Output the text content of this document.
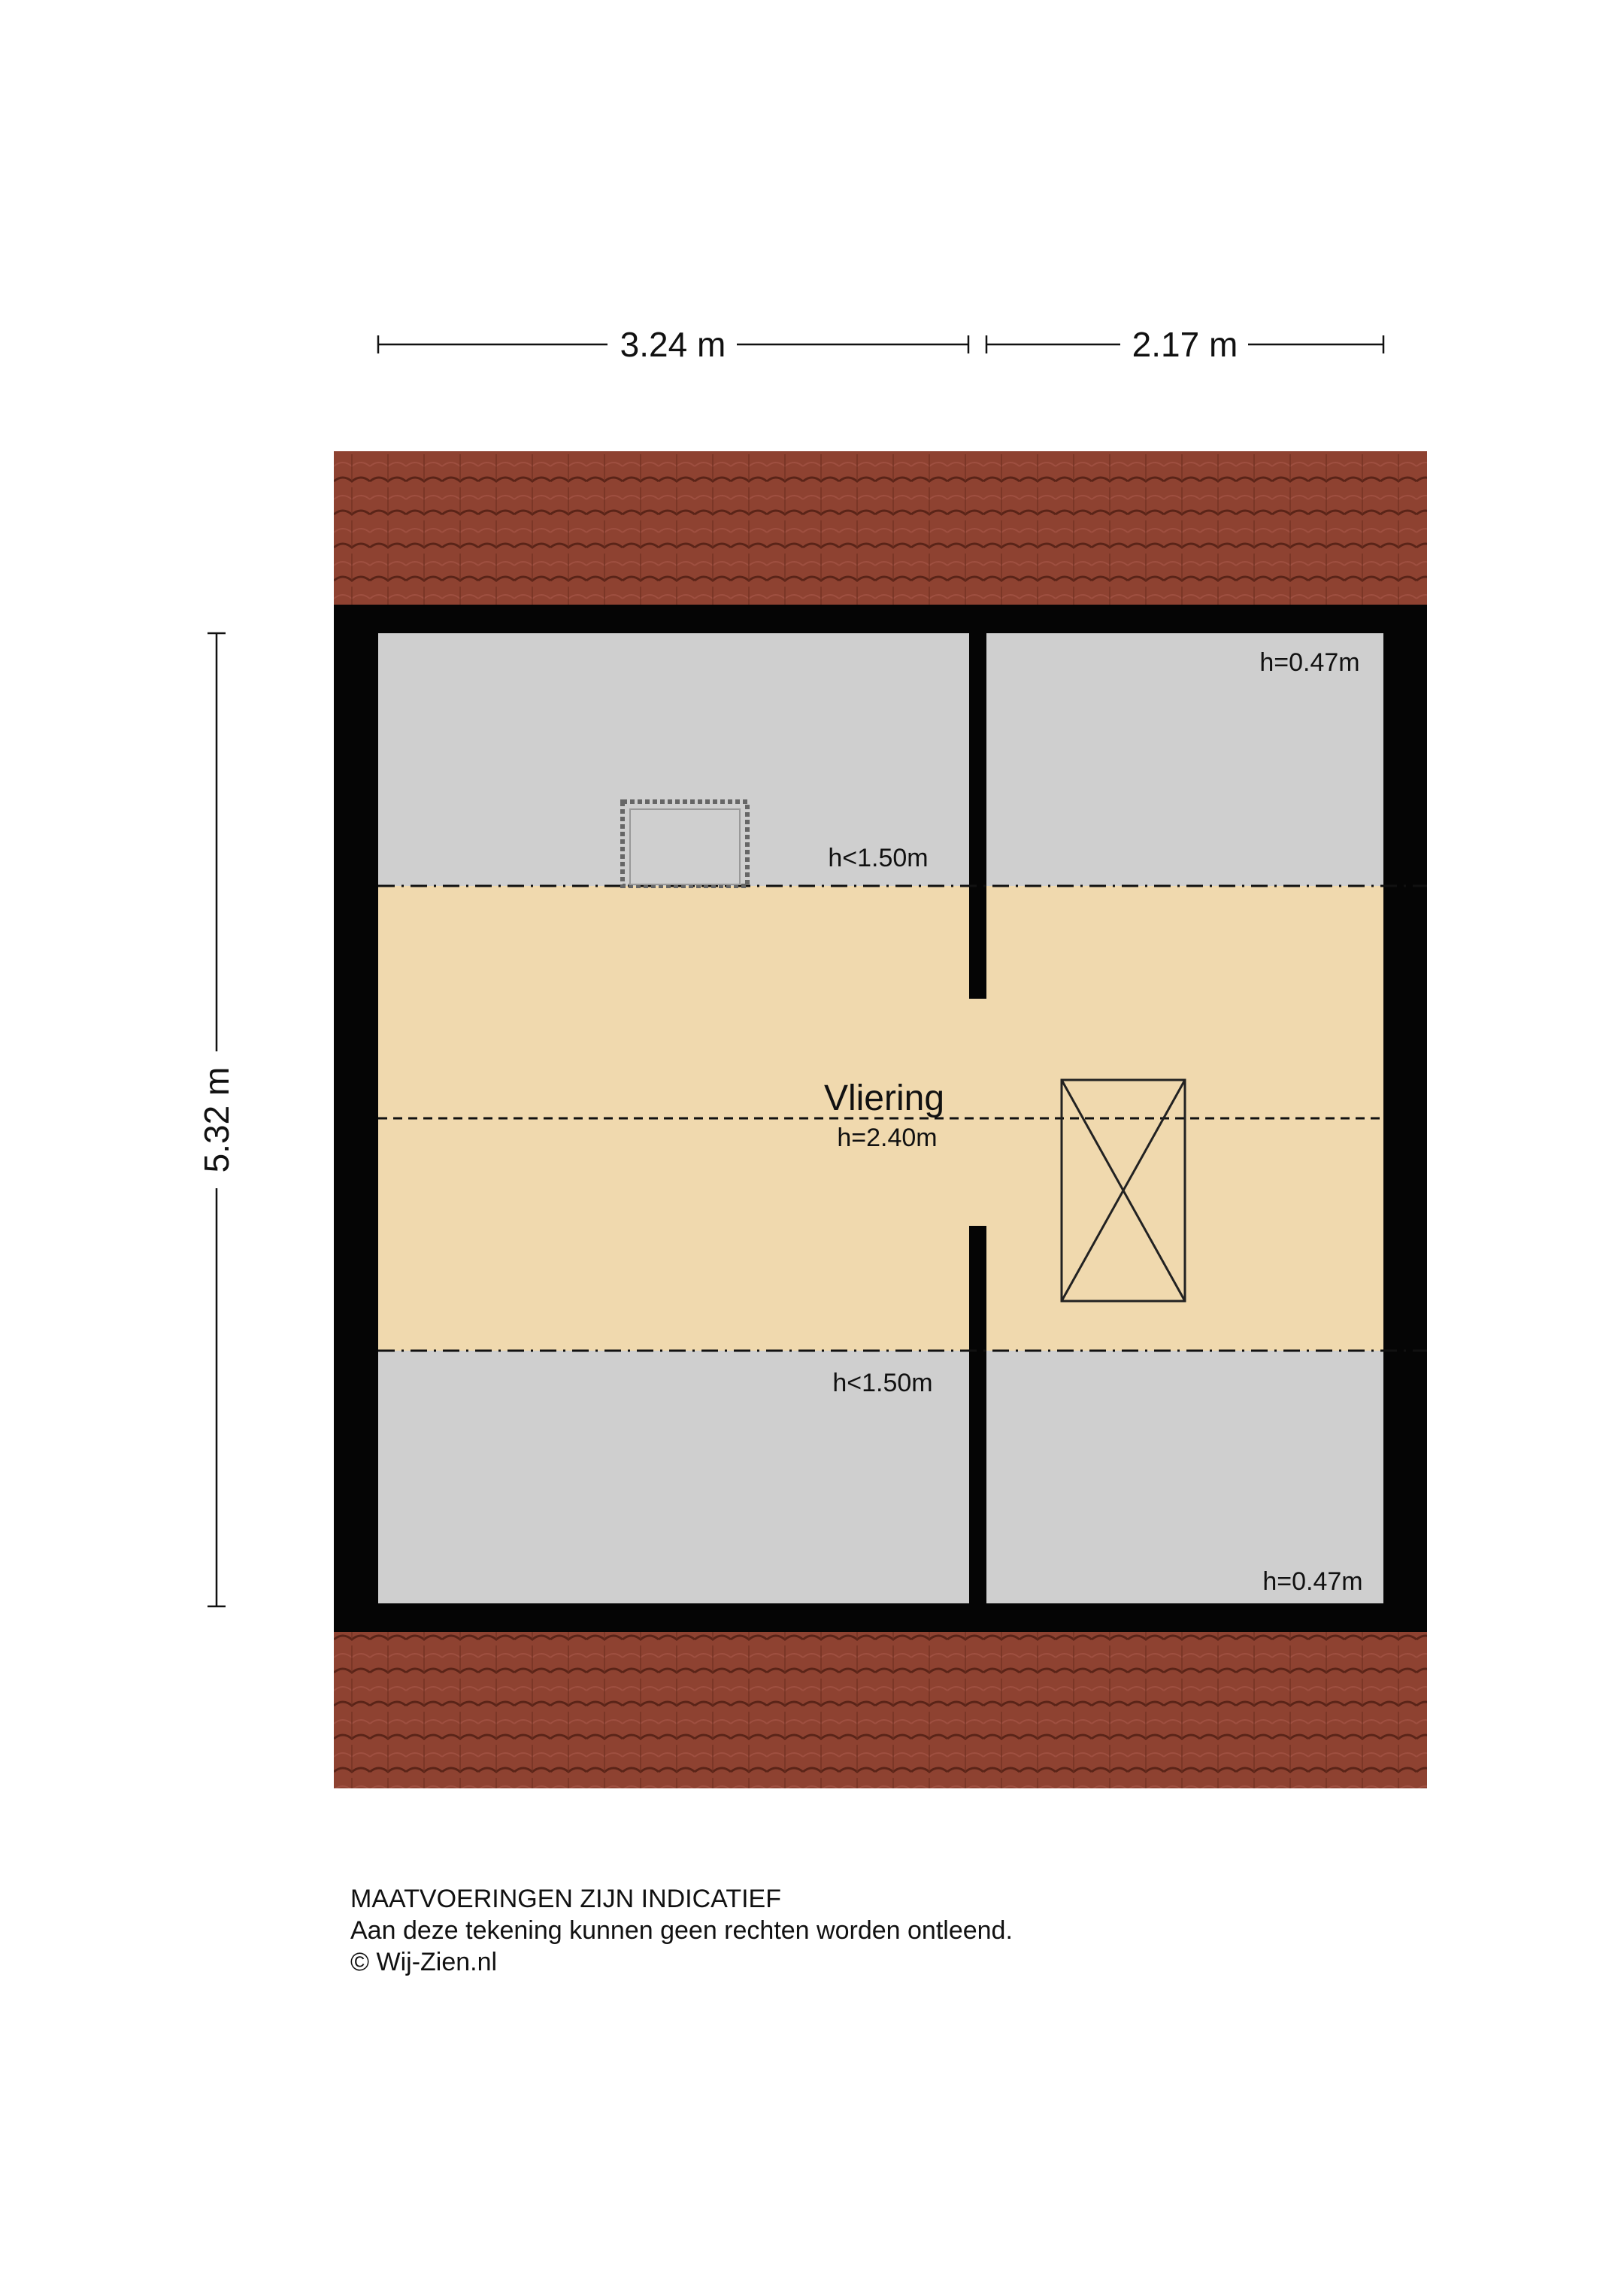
3.24 m	2.17 m
5.32 m	Vliering
h=2.40m
h=0.47m
h<1.50m
h<1.50m
h=0.47m
MAATVOERINGEN ZIJN INDICATIEF
Aan deze tekening kunnen geen rechten worden ontleend.
© Wij-Zien.nl
